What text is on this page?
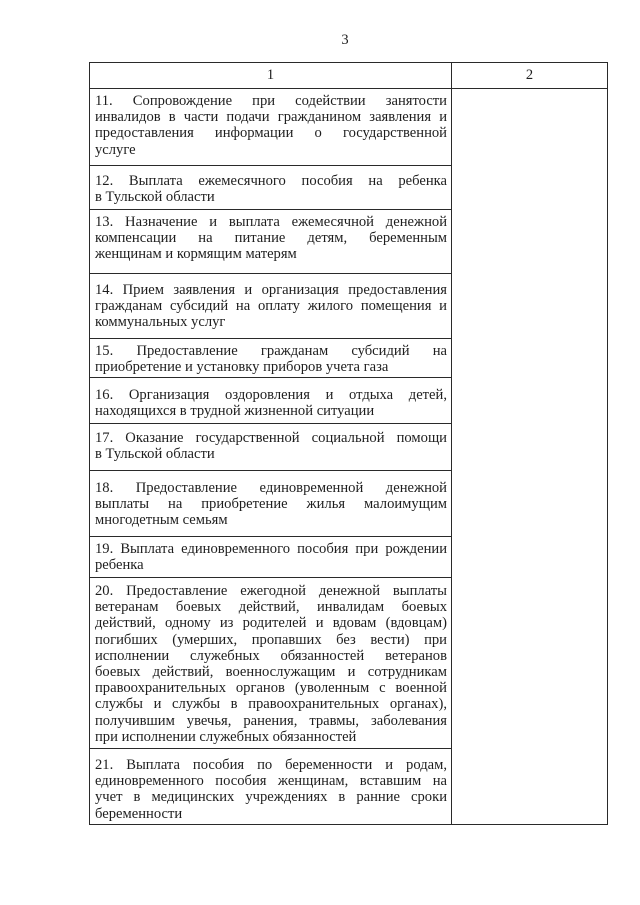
3
1	2
11. Сопровождение при содействии занятости
инвалидов в части подачи гражданином заявления и
предоставления информации о государственной
услуге
12. Выплата ежемесячного пособия на ребенка
в Тульской области
13. Назначение и выплата ежемесячной денежной
компенсации на питание детям, беременным
женщинам и кормящим матерям
14. Прием заявления и организация предоставления
гражданам субсидий на оплату жилого помещения и
коммунальных услуг
15. Предоставление гражданам субсидий на
приобретение и установку приборов учета газа
16. Организация оздоровления и отдыха детей,
находящихся в трудной жизненной ситуации
17. Оказание государственной социальной помощи
в Тульской области
18. Предоставление единовременной денежной
выплаты на приобретение жилья малоимущим
многодетным семьям
19. Выплата единовременного пособия при рождении
ребенка
20. Предоставление ежегодной денежной выплаты
ветеранам боевых действий, инвалидам боевых
действий, одному из родителей и вдовам (вдовцам)
погибших (умерших, пропавших без вести) при
исполнении служебных обязанностей ветеранов
боевых действий, военнослужащим и сотрудникам
правоохранительных органов (уволенным с военной
службы и службы в правоохранительных органах),
получившим увечья, ранения, травмы, заболевания
при исполнении служебных обязанностей
21. Выплата пособия по беременности и родам,
единовременного пособия женщинам, вставшим на
учет в медицинских учреждениях в ранние сроки
беременности
